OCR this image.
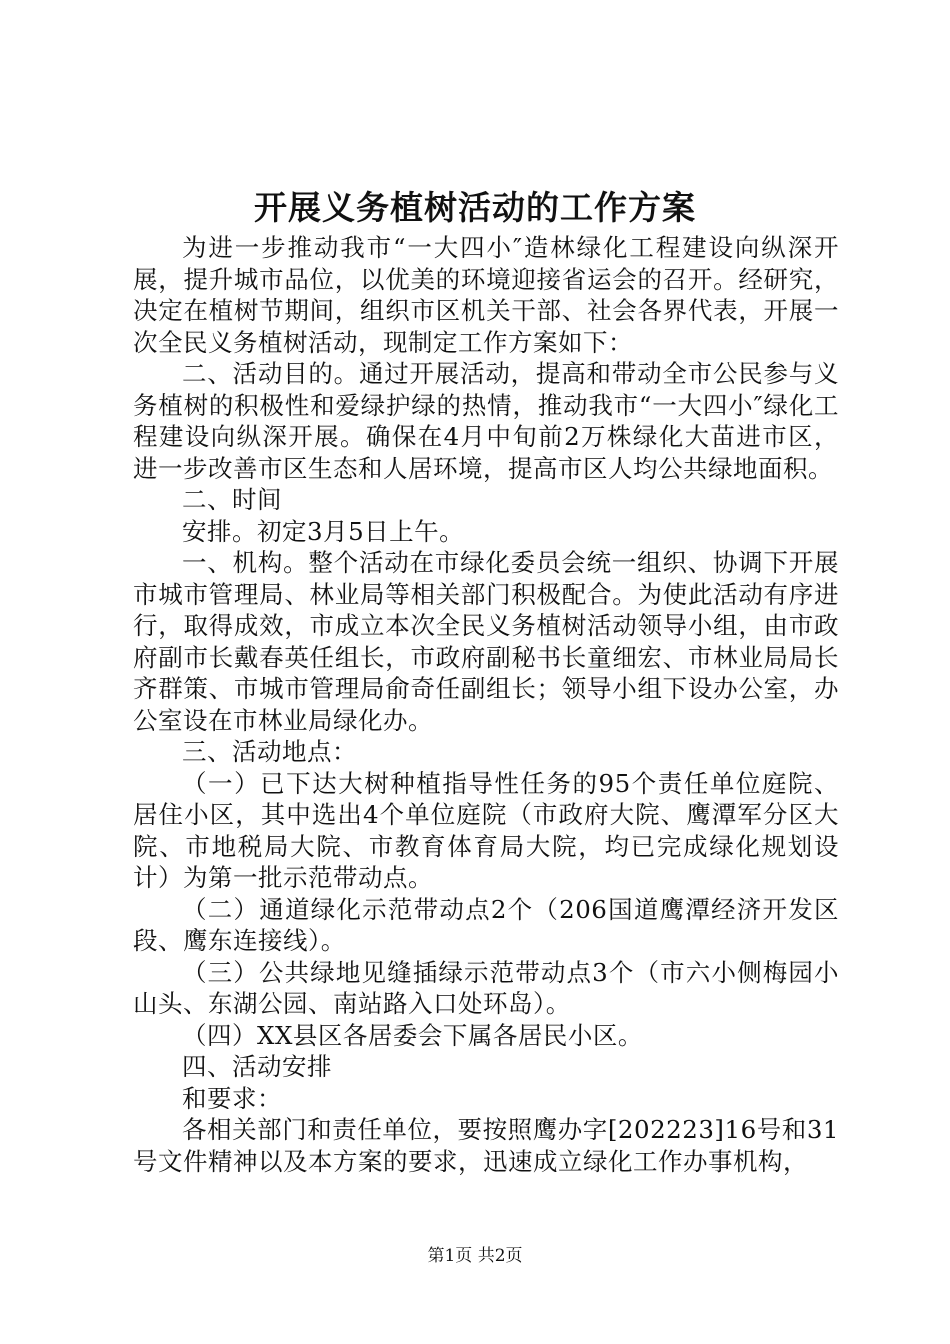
开展义务植树活动的工作方案

为进一步推动我市“一大四小″造林绿化工程建设向纵深开展，提升城市品位，以优美的环境迎接省运会的召开。经研究，决定在植树节期间，组织市区机关干部、社会各界代表，开展一次全民义务植树活动，现制定工作方案如下：

二、活动目的。通过开展活动，提高和带动全市公民参与义务植树的积极性和爱绿护绿的热情，推动我市“一大四小″绿化工程建设向纵深开展。确保在4月中旬前2万株绿化大苗进市区，进一步改善市区生态和人居环境，提高市区人均公共绿地面积。

二、时间

安排。初定3月5日上午。

一、机构。整个活动在市绿化委员会统一组织、协调下开展市城市管理局、林业局等相关部门积极配合。为使此活动有序进行，取得成效，市成立本次全民义务植树活动领导小组，由市政府副市长戴春英任组长，市政府副秘书长童细宏、市林业局局长齐群策、市城市管理局俞奇任副组长；领导小组下设办公室，办公室设在市林业局绿化办。

三、活动地点：

（一）已下达大树种植指导性任务的95个责任单位庭院、居住小区，其中选出4个单位庭院（市政府大院、鹰潭军分区大院、市地税局大院、市教育体育局大院，均已完成绿化规划设计）为第一批示范带动点。

（二）通道绿化示范带动点2个（206国道鹰潭经济开发区段、鹰东连接线）。

（三）公共绿地见缝插绿示范带动点3个（市六小侧梅园小山头、东湖公园、南站路入口处环岛）。

（四）XX县区各居委会下属各居民小区。

四、活动安排

和要求：

各相关部门和责任单位，要按照鹰办字[202223]16号和31号文件精神以及本方案的要求，迅速成立绿化工作办事机构，

第1页 共2页
